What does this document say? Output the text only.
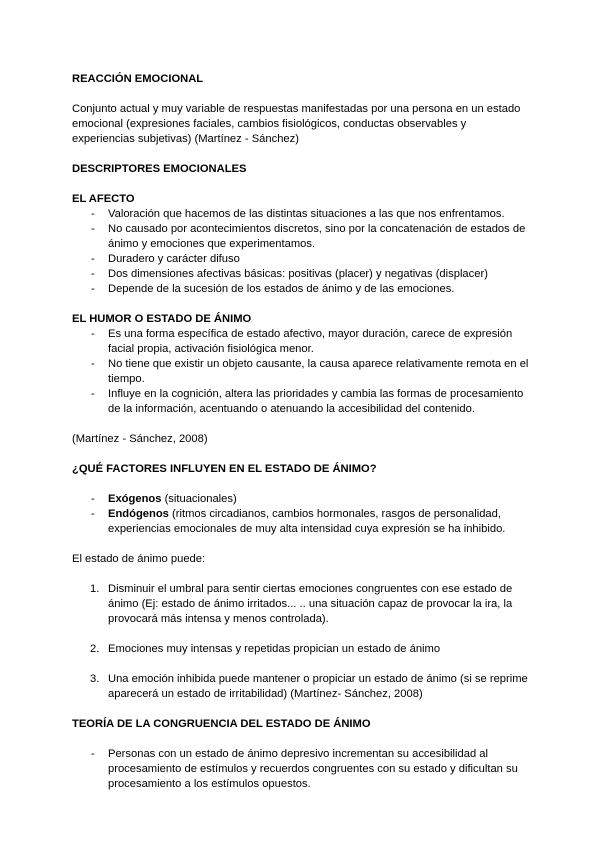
REACCIÓN EMOCIONAL

Conjunto actual y muy variable de respuestas manifestadas por una persona en un estado emocional (expresiones faciales, cambios fisiológicos, conductas observables y experiencias subjetivas) (Martínez - Sánchez)

DESCRIPTORES EMOCIONALES

EL AFECTO

- Valoración que hacemos de las distintas situaciones a las que nos enfrentamos.
- No causado por acontecimientos discretos, sino por la concatenación de estados de ánimo y emociones que experimentamos.
- Duradero y carácter difuso
- Dos dimensiones afectivas básicas: positivas (placer) y negativas (displacer)
- Depende de la sucesión de los estados de ánimo y de las emociones.

EL HUMOR O ESTADO DE ÁNIMO

- Es una forma específica de estado afectivo, mayor duración, carece de expresión facial propia, activación fisiológica menor.
- No tiene que existir un objeto causante, la causa aparece relativamente remota en el tiempo.
- Influye en la cognición, altera las prioridades y cambia las formas de procesamiento de la información, acentuando o atenuando la accesibilidad del contenido.

(Martínez - Sánchez, 2008)

¿QUÉ FACTORES INFLUYEN EN EL ESTADO DE ÁNIMO?

- Exógenos (situacionales)
- Endógenos (ritmos circadianos, cambios hormonales, rasgos de personalidad, experiencias emocionales de muy alta intensidad cuya expresión se ha inhibido.

El estado de ánimo puede:

1. Disminuir el umbral para sentir ciertas emociones congruentes con ese estado de ánimo (Ej: estado de ánimo irritados... .. una situación capaz de provocar la ira, la provocará más intensa y menos controlada).
2. Emociones muy intensas y repetidas propician un estado de ánimo
3. Una emoción inhibida puede mantener o propiciar un estado de ánimo (si se reprime aparecerá un estado de irritabilidad) (Martínez- Sánchez, 2008)

TEORÍA DE LA CONGRUENCIA DEL ESTADO DE ÁNIMO

- Personas con un estado de ánimo depresivo incrementan su accesibilidad al procesamiento de estímulos y recuerdos congruentes con su estado y dificultan su procesamiento a los estímulos opuestos.
